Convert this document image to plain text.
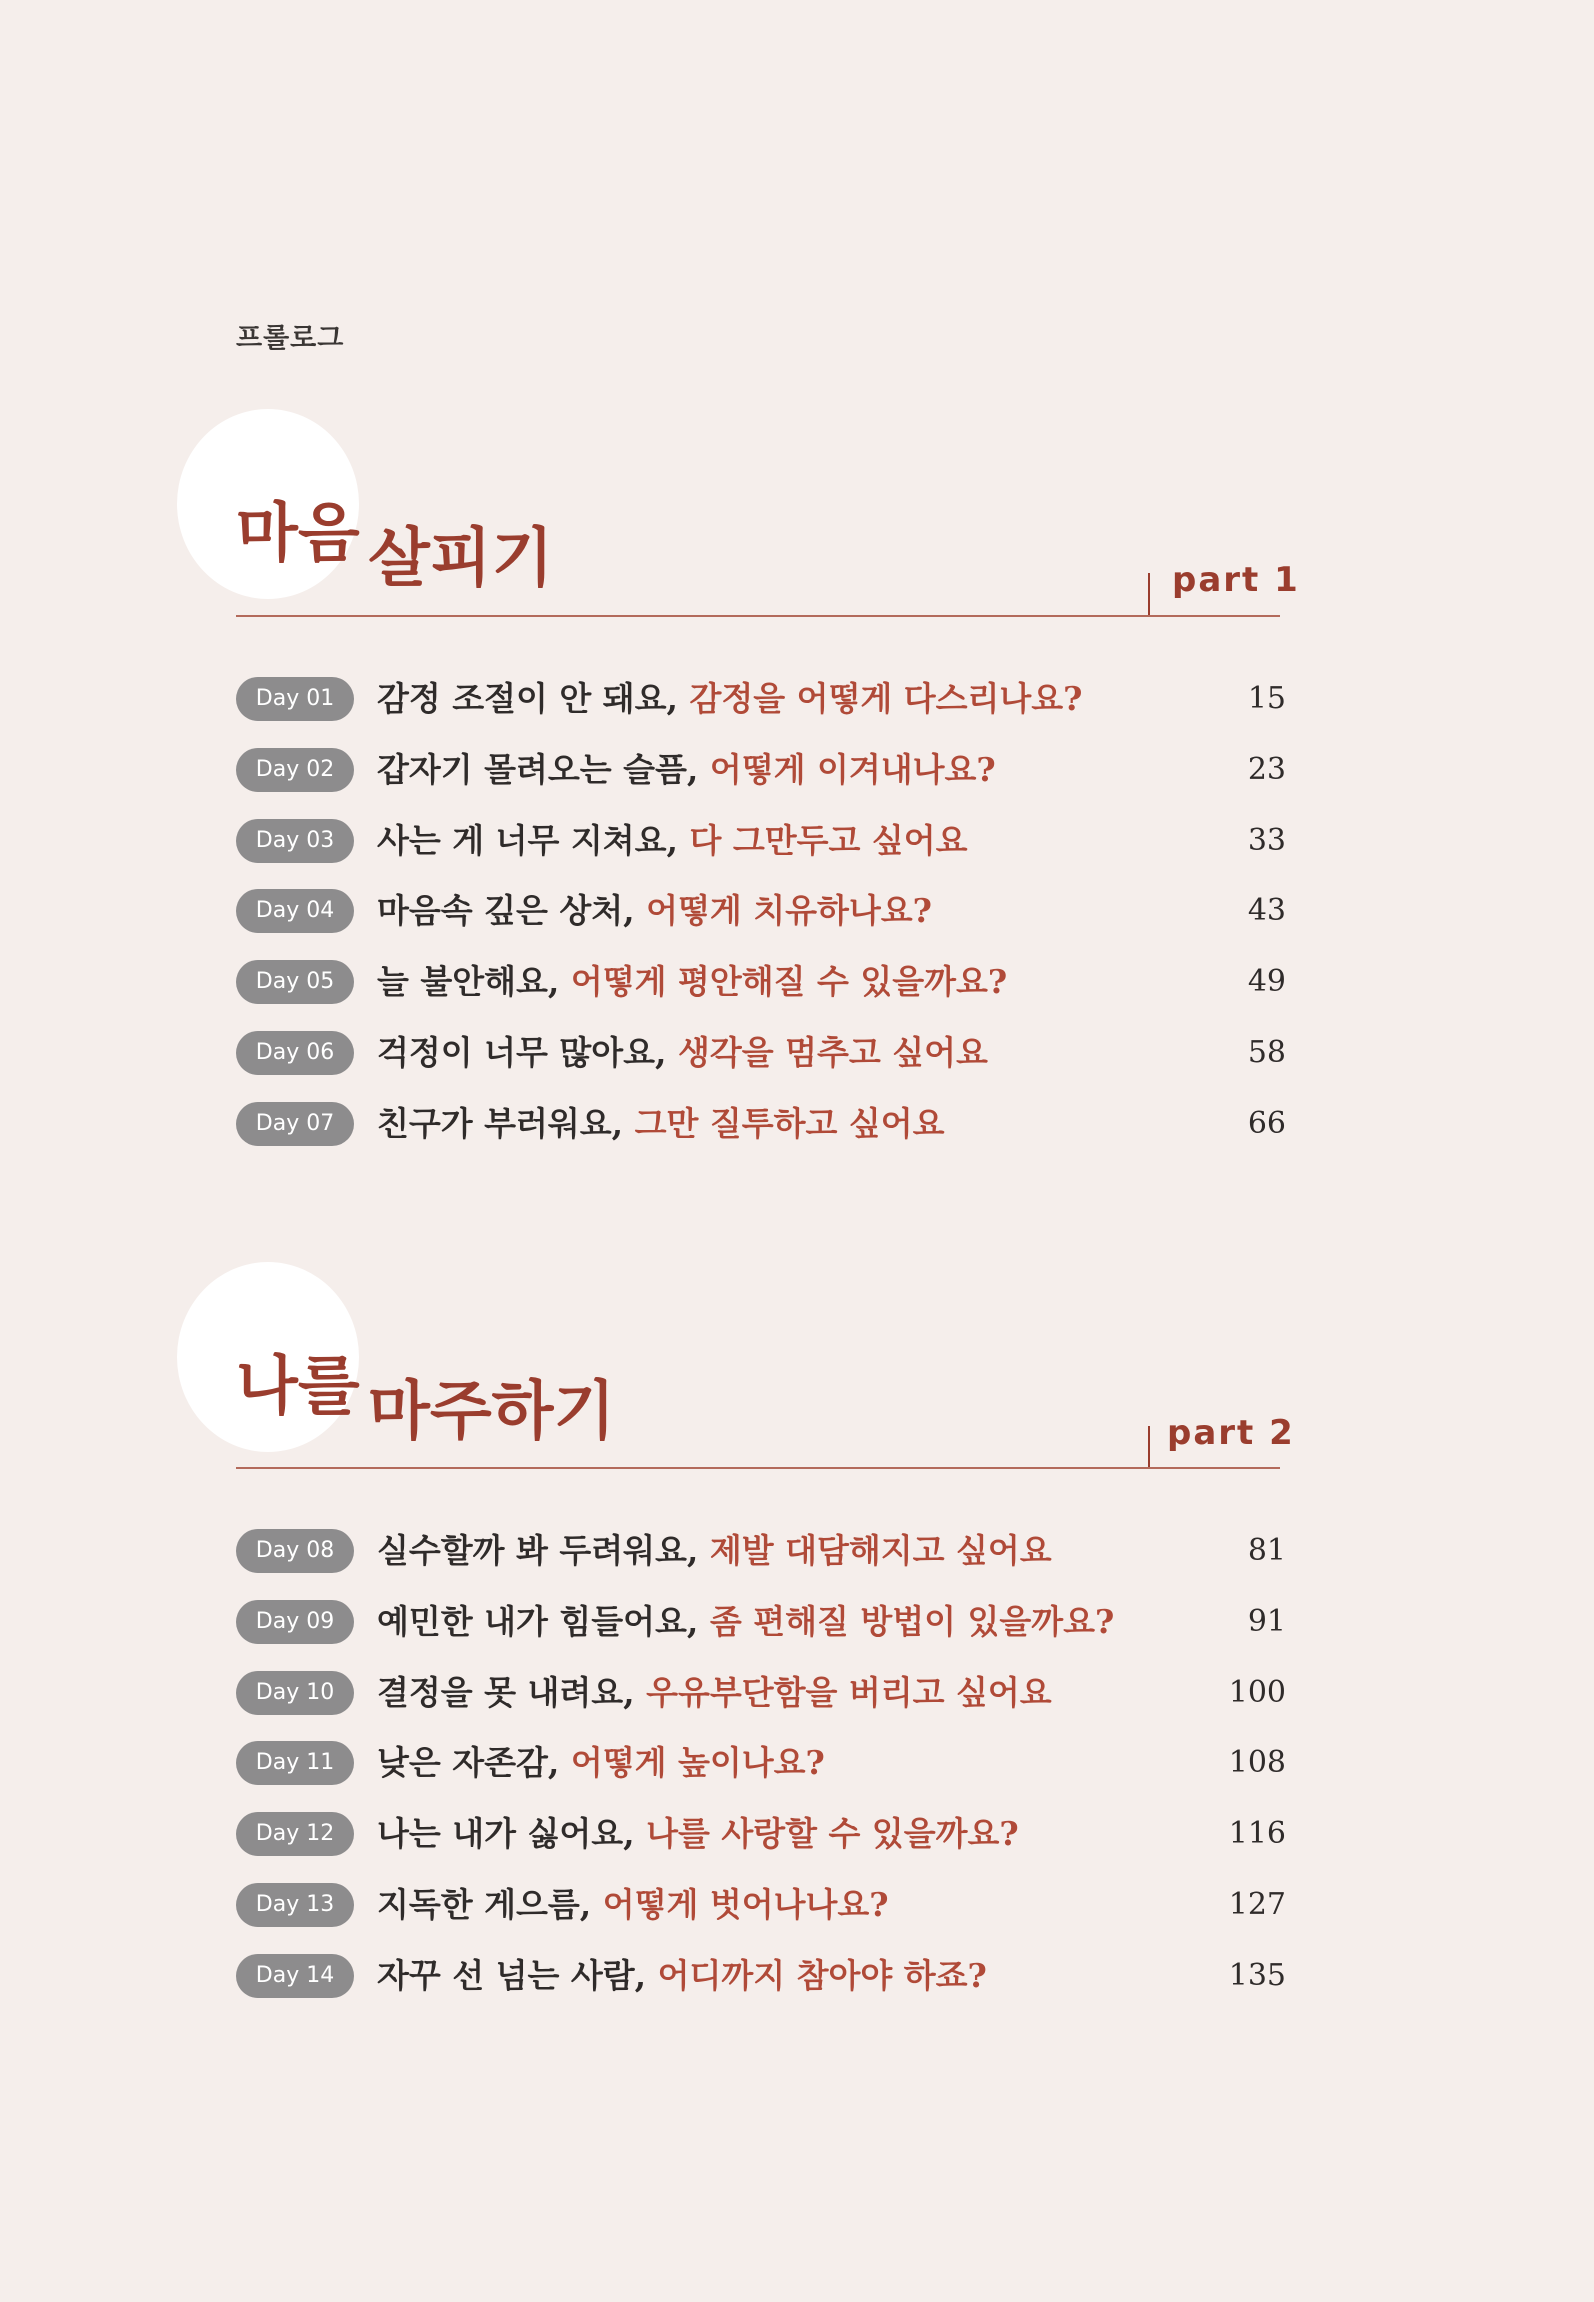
프롤로그
마음 살피기	part 1
Day 01	감정 조절이 안 돼요, 감정을 어떻게 다스리나요?	15
Day 02	갑자기 몰려오는 슬픔, 어떻게 이겨내나요?	23
Day 03	사는 게 너무 지쳐요, 다 그만두고 싶어요	33
Day 04	마음속 깊은 상처, 어떻게 치유하나요?	43
Day 05	늘 불안해요, 어떻게 평안해질 수 있을까요?	49
Day 06	걱정이 너무 많아요, 생각을 멈추고 싶어요	58
Day 07	친구가 부러워요, 그만 질투하고 싶어요	66
나를 마주하기	part 2
Day 08	실수할까 봐 두려워요, 제발 대담해지고 싶어요	81
Day 09	예민한 내가 힘들어요, 좀 편해질 방법이 있을까요?	91
Day 10	결정을 못 내려요, 우유부단함을 버리고 싶어요	100
Day 11	낮은 자존감, 어떻게 높이나요?	108
Day 12	나는 내가 싫어요, 나를 사랑할 수 있을까요?	116
Day 13	지독한 게으름, 어떻게 벗어나나요?	127
Day 14	자꾸 선 넘는 사람, 어디까지 참아야 하죠?	135
